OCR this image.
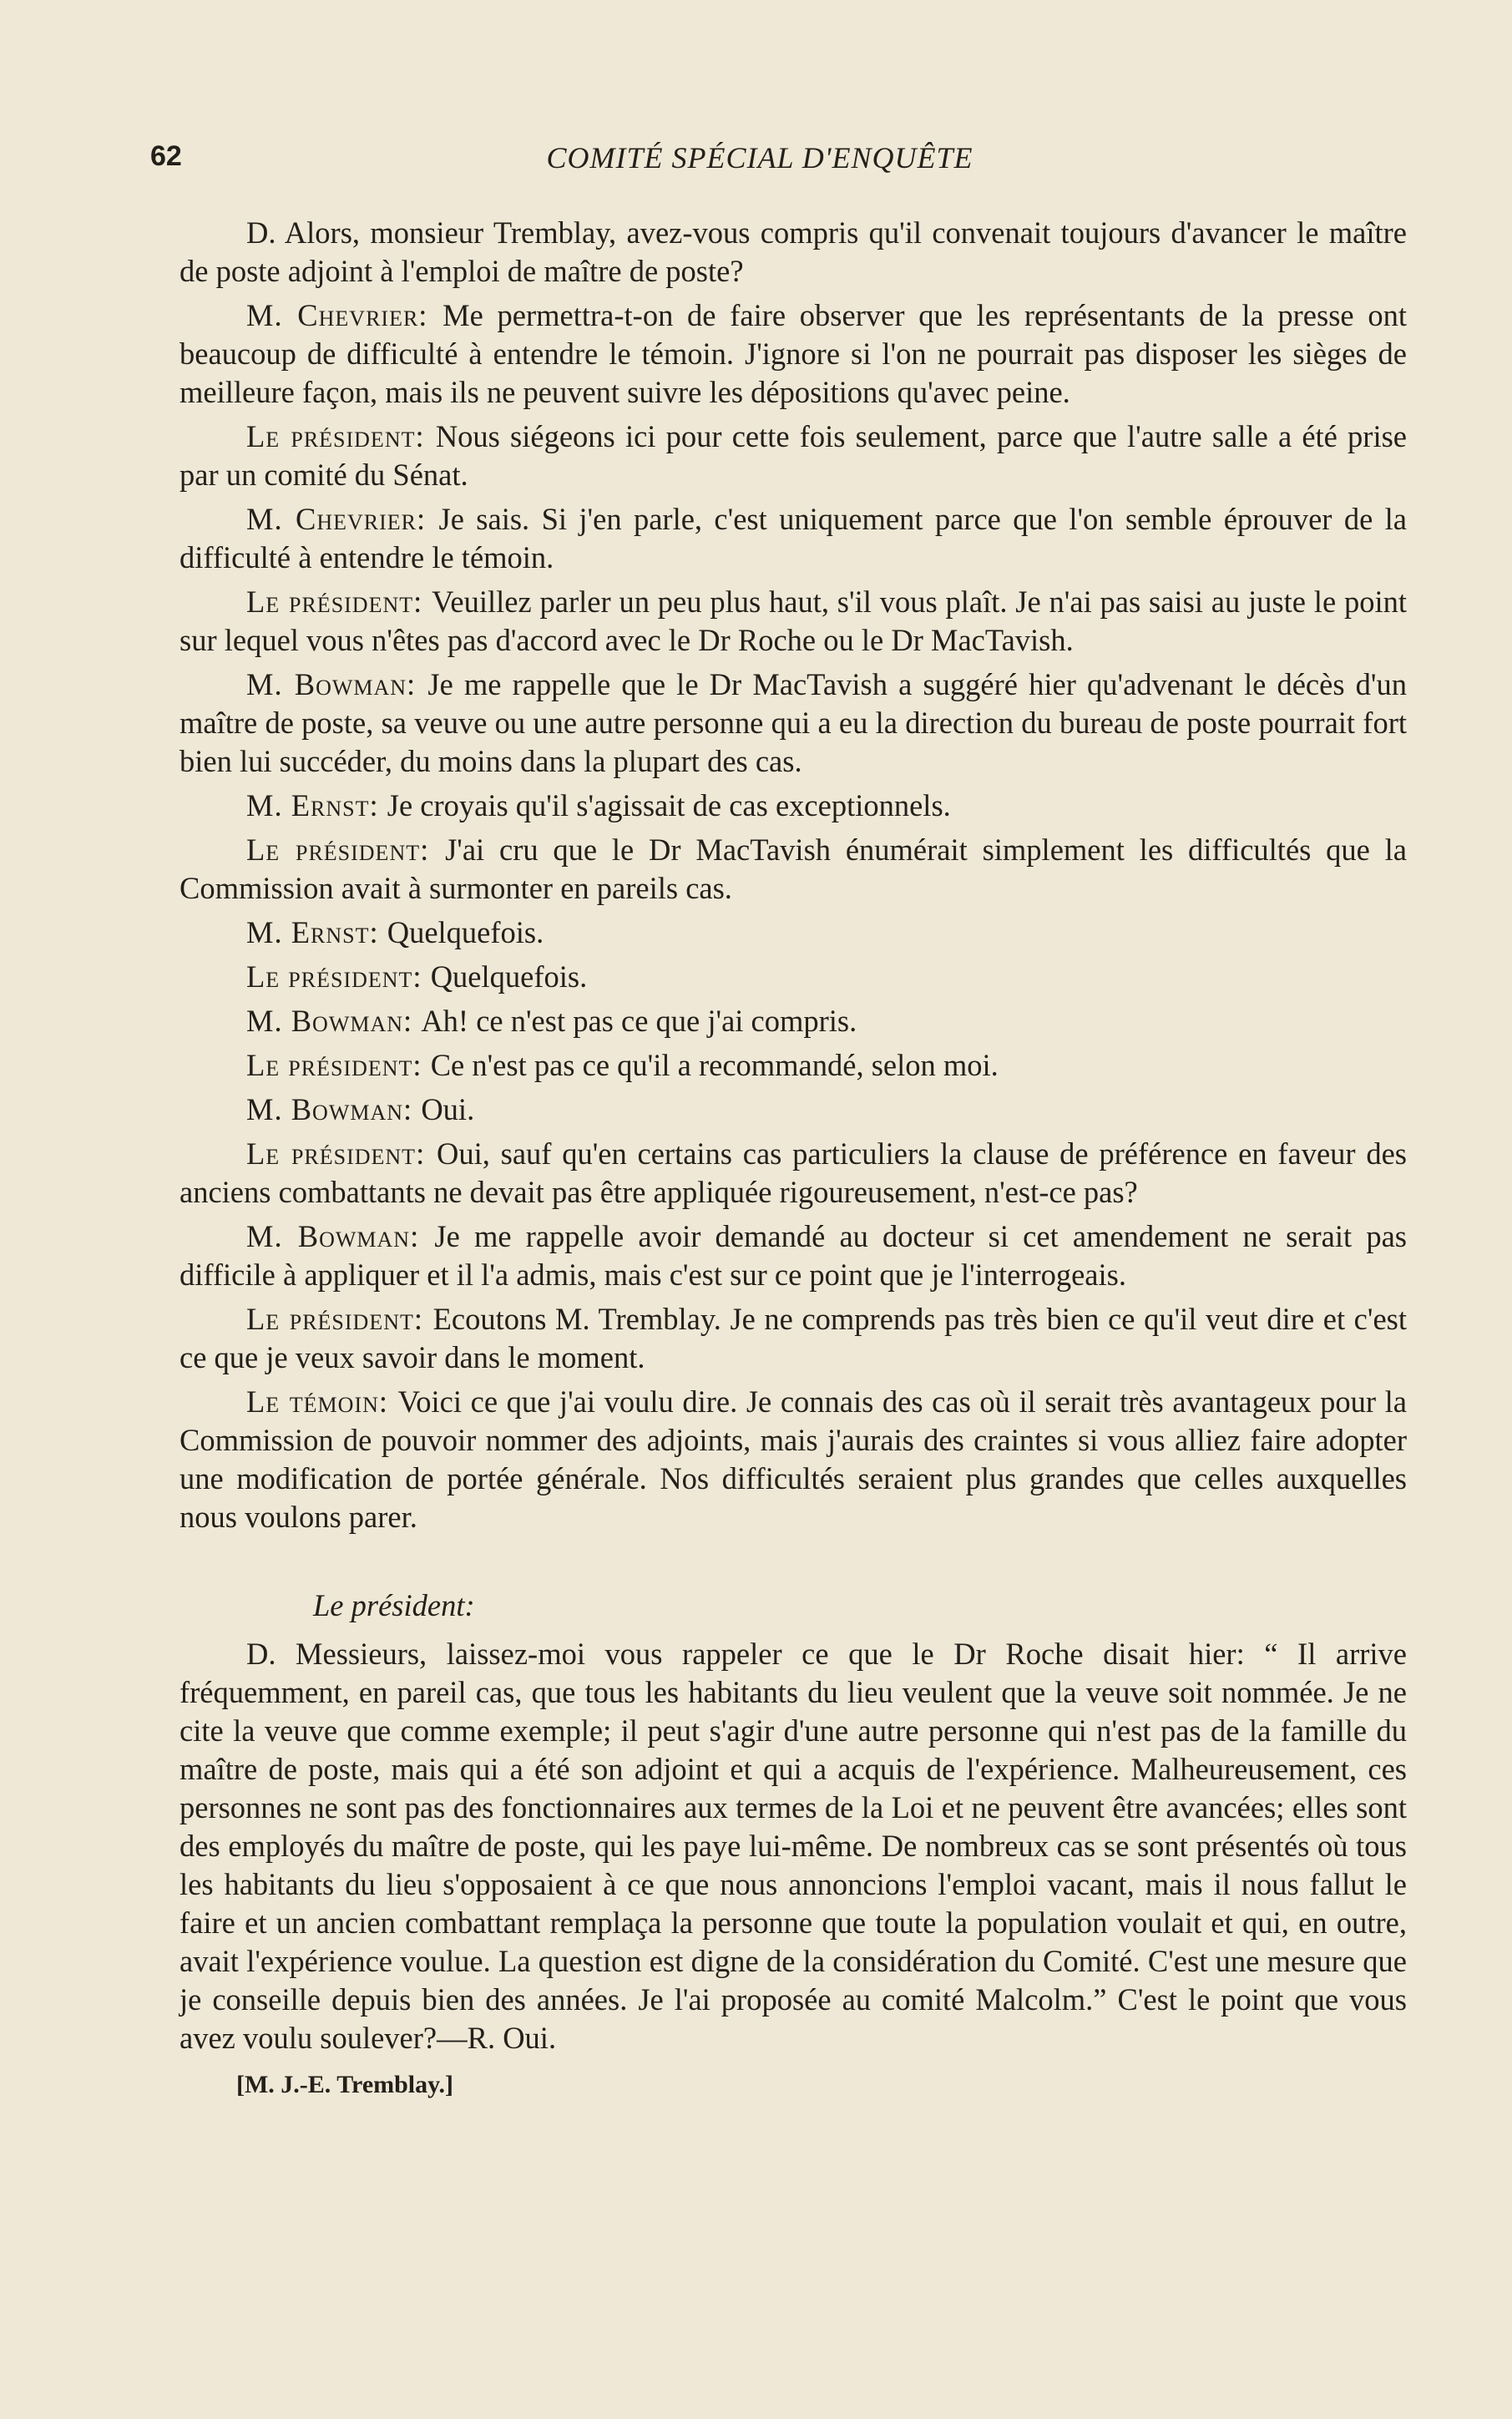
62	COMITÉ SPÉCIAL D'ENQUÊTE

D. Alors, monsieur Tremblay, avez-vous compris qu'il convenait toujours d'avancer le maître de poste adjoint à l'emploi de maître de poste?

M. Chevrier: Me permettra-t-on de faire observer que les représentants de la presse ont beaucoup de difficulté à entendre le témoin. J'ignore si l'on ne pourrait pas disposer les sièges de meilleure façon, mais ils ne peuvent suivre les dépositions qu'avec peine.

Le président: Nous siégeons ici pour cette fois seulement, parce que l'autre salle a été prise par un comité du Sénat.

M. Chevrier: Je sais. Si j'en parle, c'est uniquement parce que l'on semble éprouver de la difficulté à entendre le témoin.

Le président: Veuillez parler un peu plus haut, s'il vous plaît. Je n'ai pas saisi au juste le point sur lequel vous n'êtes pas d'accord avec le Dr Roche ou le Dr MacTavish.

M. Bowman: Je me rappelle que le Dr MacTavish a suggéré hier qu'advenant le décès d'un maître de poste, sa veuve ou une autre personne qui a eu la direction du bureau de poste pourrait fort bien lui succéder, du moins dans la plupart des cas.

M. Ernst: Je croyais qu'il s'agissait de cas exceptionnels.

Le président: J'ai cru que le Dr MacTavish énumérait simplement les difficultés que la Commission avait à surmonter en pareils cas.

M. Ernst: Quelquefois.

Le président: Quelquefois.

M. Bowman: Ah! ce n'est pas ce que j'ai compris.

Le président: Ce n'est pas ce qu'il a recommandé, selon moi.

M. Bowman: Oui.

Le président: Oui, sauf qu'en certains cas particuliers la clause de préférence en faveur des anciens combattants ne devait pas être appliquée rigoureusement, n'est-ce pas?

M. Bowman: Je me rappelle avoir demandé au docteur si cet amendement ne serait pas difficile à appliquer et il l'a admis, mais c'est sur ce point que je l'interrogeais.

Le président: Ecoutons M. Tremblay. Je ne comprends pas très bien ce qu'il veut dire et c'est ce que je veux savoir dans le moment.

Le témoin: Voici ce que j'ai voulu dire. Je connais des cas où il serait très avantageux pour la Commission de pouvoir nommer des adjoints, mais j'aurais des craintes si vous alliez faire adopter une modification de portée générale. Nos difficultés seraient plus grandes que celles auxquelles nous voulons parer.

Le président:

D. Messieurs, laissez-moi vous rappeler ce que le Dr Roche disait hier: “ Il arrive fréquemment, en pareil cas, que tous les habitants du lieu veulent que la veuve soit nommée. Je ne cite la veuve que comme exemple; il peut s'agir d'une autre personne qui n'est pas de la famille du maître de poste, mais qui a été son adjoint et qui a acquis de l'expérience. Malheureusement, ces personnes ne sont pas des fonctionnaires aux termes de la Loi et ne peuvent être avancées; elles sont des employés du maître de poste, qui les paye lui-même. De nombreux cas se sont présentés où tous les habitants du lieu s'opposaient à ce que nous annoncions l'emploi vacant, mais il nous fallut le faire et un ancien combattant remplaça la personne que toute la population voulait et qui, en outre, avait l'expérience voulue. La question est digne de la considération du Comité. C'est une mesure que je conseille depuis bien des années. Je l'ai proposée au comité Malcolm.” C'est le point que vous avez voulu soulever?—R. Oui.

[M. J.-E. Tremblay.]
